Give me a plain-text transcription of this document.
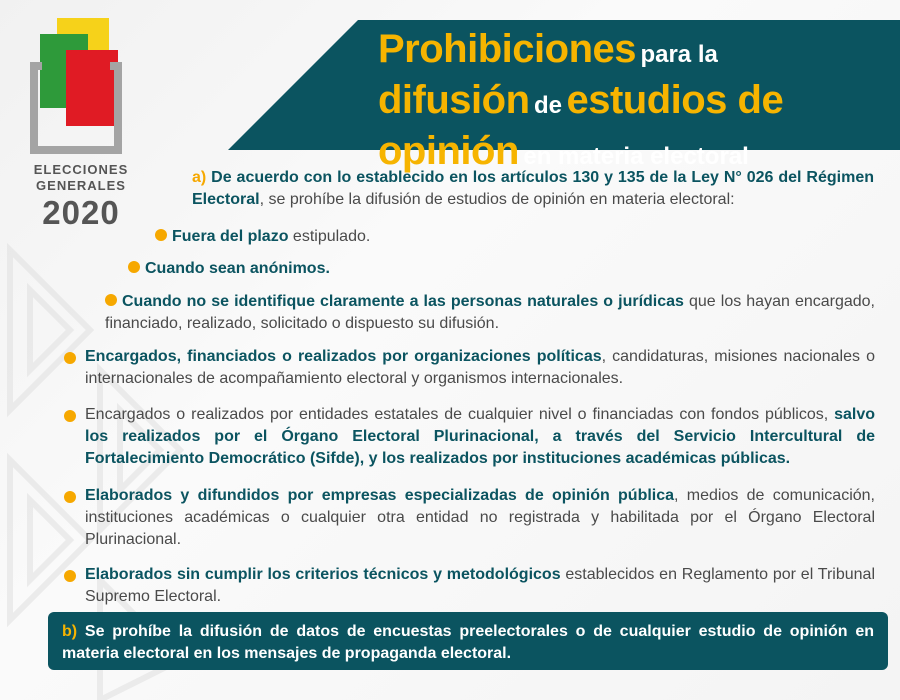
ELECCIONES
GENERALES
2020
Prohibiciones para la
difusión de estudios de
opinión en materia electoral
a) De acuerdo con lo establecido en los artículos 130 y 135 de la Ley N° 026 del Régimen Electoral, se prohíbe la difusión de estudios de opinión en materia electoral:
Fuera del plazo estipulado.
Cuando sean anónimos.
Cuando no se identifique claramente a las personas naturales o jurídicas que los hayan encargado, financiado, realizado, solicitado o dispuesto su difusión.
Encargados, financiados o realizados por organizaciones políticas, candidaturas, misiones nacionales o internacionales de acompañamiento electoral y organismos internacionales.
Encargados o realizados por entidades estatales de cualquier nivel o financiadas con fondos públicos, salvo los realizados por el Órgano Electoral Plurinacional, a través del Servicio Intercultural de Fortalecimiento Democrático (Sifde), y los realizados por instituciones académicas públicas.
Elaborados y difundidos por empresas especializadas de opinión pública, medios de comunicación, instituciones académicas o cualquier otra entidad no registrada y habilitada por el Órgano Electoral Plurinacional.
Elaborados sin cumplir los criterios técnicos y metodológicos establecidos en Reglamento por el Tribunal Supremo Electoral.
b) Se prohíbe la difusión de datos de encuestas preelectorales o de cualquier estudio de opinión en materia electoral en los mensajes de propaganda electoral.
